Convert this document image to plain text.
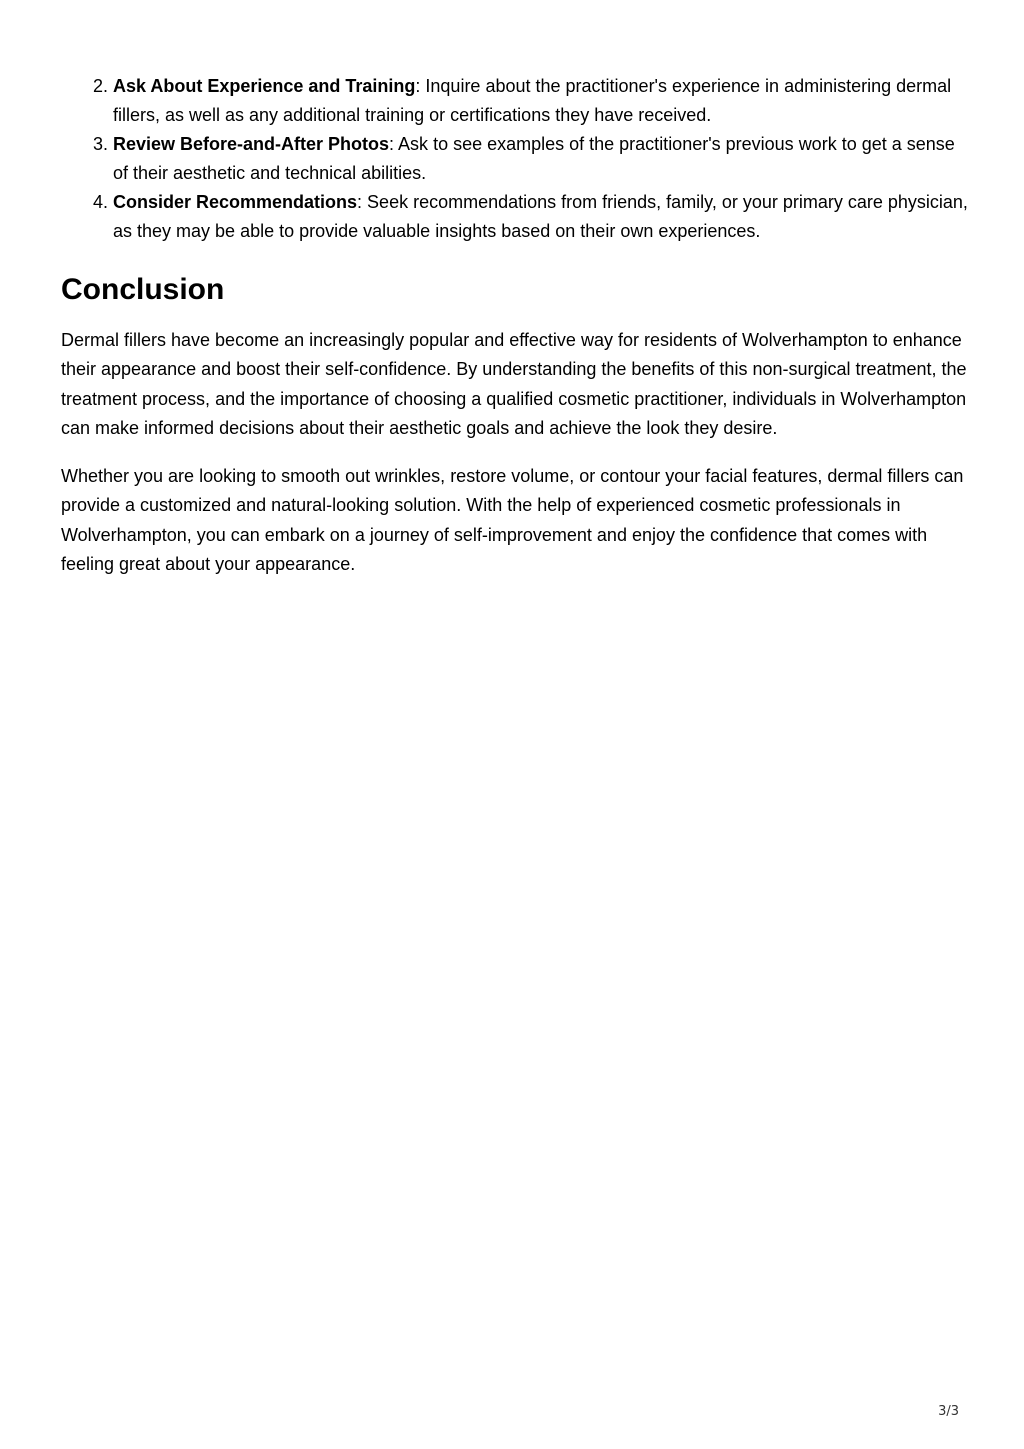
2. Ask About Experience and Training: Inquire about the practitioner's experience in administering dermal fillers, as well as any additional training or certifications they have received.
3. Review Before-and-After Photos: Ask to see examples of the practitioner's previous work to get a sense of their aesthetic and technical abilities.
4. Consider Recommendations: Seek recommendations from friends, family, or your primary care physician, as they may be able to provide valuable insights based on their own experiences.
Conclusion

Dermal fillers have become an increasingly popular and effective way for residents of Wolverhampton to enhance their appearance and boost their self-confidence. By understanding the benefits of this non-surgical treatment, the treatment process, and the importance of choosing a qualified cosmetic practitioner, individuals in Wolverhampton can make informed decisions about their aesthetic goals and achieve the look they desire.

Whether you are looking to smooth out wrinkles, restore volume, or contour your facial features, dermal fillers can provide a customized and natural-looking solution. With the help of experienced cosmetic professionals in Wolverhampton, you can embark on a journey of self-improvement and enjoy the confidence that comes with feeling great about your appearance.

3/3
